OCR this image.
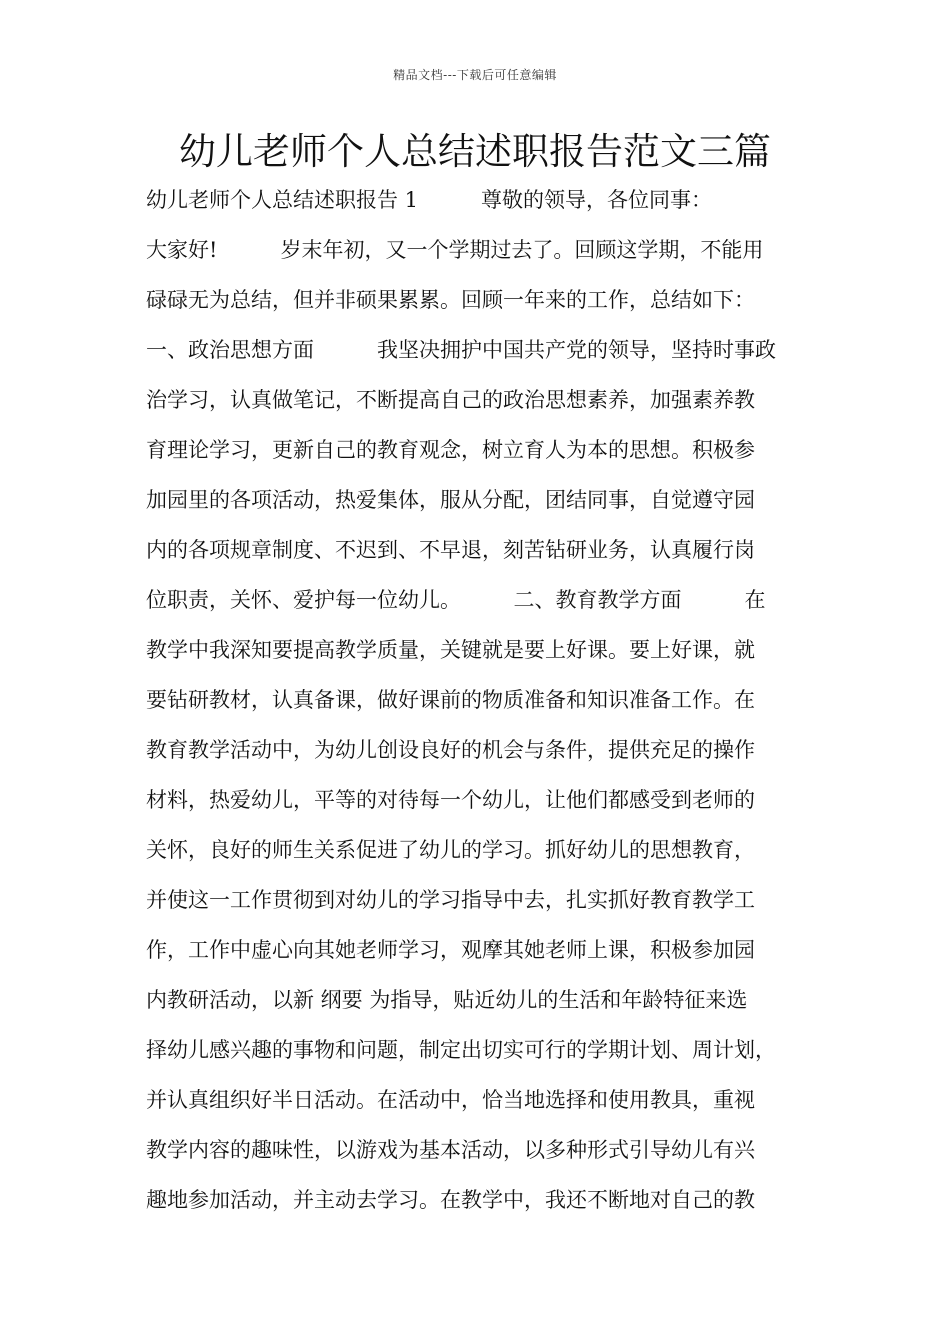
精品文档---下载后可任意编辑
幼儿老师个人总结述职报告范文三篇
幼儿老师个人总结述职报告 1　　　尊敬的领导，各位同事：
大家好!　　　岁末年初，又一个学期过去了。回顾这学期，不能用
碌碌无为总结，但并非硕果累累。回顾一年来的工作，总结如下：
一、政治思想方面　　　我坚决拥护中国共产党的领导，坚持时事政
治学习，认真做笔记，不断提高自己的政治思想素养，加强素养教
育理论学习，更新自己的教育观念，树立育人为本的思想。积极参
加园里的各项活动，热爱集体，服从分配，团结同事，自觉遵守园
内的各项规章制度、不迟到、不早退，刻苦钻研业务，认真履行岗
位职责，关怀、爱护每一位幼儿。　　　二、教育教学方面　　　在
教学中我深知要提高教学质量，关键就是要上好课。要上好课，就
要钻研教材，认真备课，做好课前的物质准备和知识准备工作。在
教育教学活动中，为幼儿创设良好的机会与条件，提供充足的操作
材料，热爱幼儿，平等的对待每一个幼儿，让他们都感受到老师的
关怀，良好的师生关系促进了幼儿的学习。抓好幼儿的思想教育，
并使这一工作贯彻到对幼儿的学习指导中去，扎实抓好教育教学工
作，工作中虚心向其她老师学习，观摩其她老师上课，积极参加园
内教研活动，以新 纲要 为指导，贴近幼儿的生活和年龄特征来选
择幼儿感兴趣的事物和问题，制定出切实可行的学期计划、周计划，
并认真组织好半日活动。在活动中，恰当地选择和使用教具，重视
教学内容的趣味性，以游戏为基本活动，以多种形式引导幼儿有兴
趣地参加活动，并主动去学习。在教学中，我还不断地对自己的教
